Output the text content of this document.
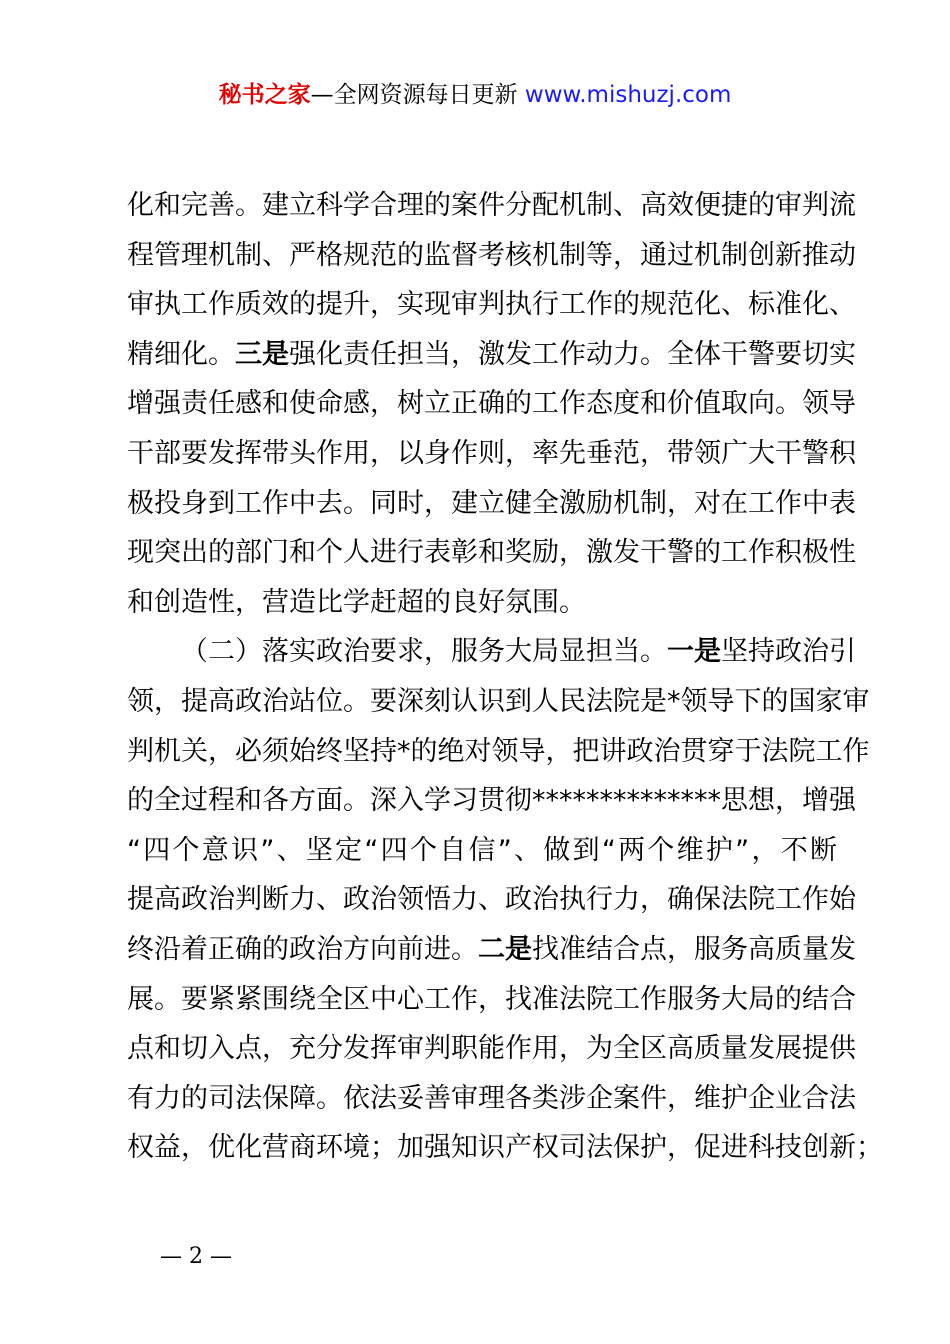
秘书之家—全网资源每日更新 www.mishuzj.com
化和完善。建立科学合理的案件分配机制、高效便捷的审判流
程管理机制、严格规范的监督考核机制等，通过机制创新推动
审执工作质效的提升，实现审判执行工作的规范化、标准化、
精细化。三是强化责任担当，激发工作动力。全体干警要切实
增强责任感和使命感，树立正确的工作态度和价值取向。领导
干部要发挥带头作用，以身作则，率先垂范，带领广大干警积
极投身到工作中去。同时，建立健全激励机制，对在工作中表
现突出的部门和个人进行表彰和奖励，激发干警的工作积极性
和创造性，营造比学赶超的良好氛围。
（二）落实政治要求，服务大局显担当。一是坚持政治引
领，提高政治站位。要深刻认识到人民法院是*领导下的国家审
判机关，必须始终坚持*的绝对领导，把讲政治贯穿于法院工作
的全过程和各方面。深入学习贯彻**************思想，增强
“四个意识”、坚定“四个自信”、做到“两个维护”，不断
提高政治判断力、政治领悟力、政治执行力，确保法院工作始
终沿着正确的政治方向前进。二是找准结合点，服务高质量发
展。要紧紧围绕全区中心工作，找准法院工作服务大局的结合
点和切入点，充分发挥审判职能作用，为全区高质量发展提供
有力的司法保障。依法妥善审理各类涉企案件，维护企业合法
权益，优化营商环境；加强知识产权司法保护，促进科技创新；
— 2 —
